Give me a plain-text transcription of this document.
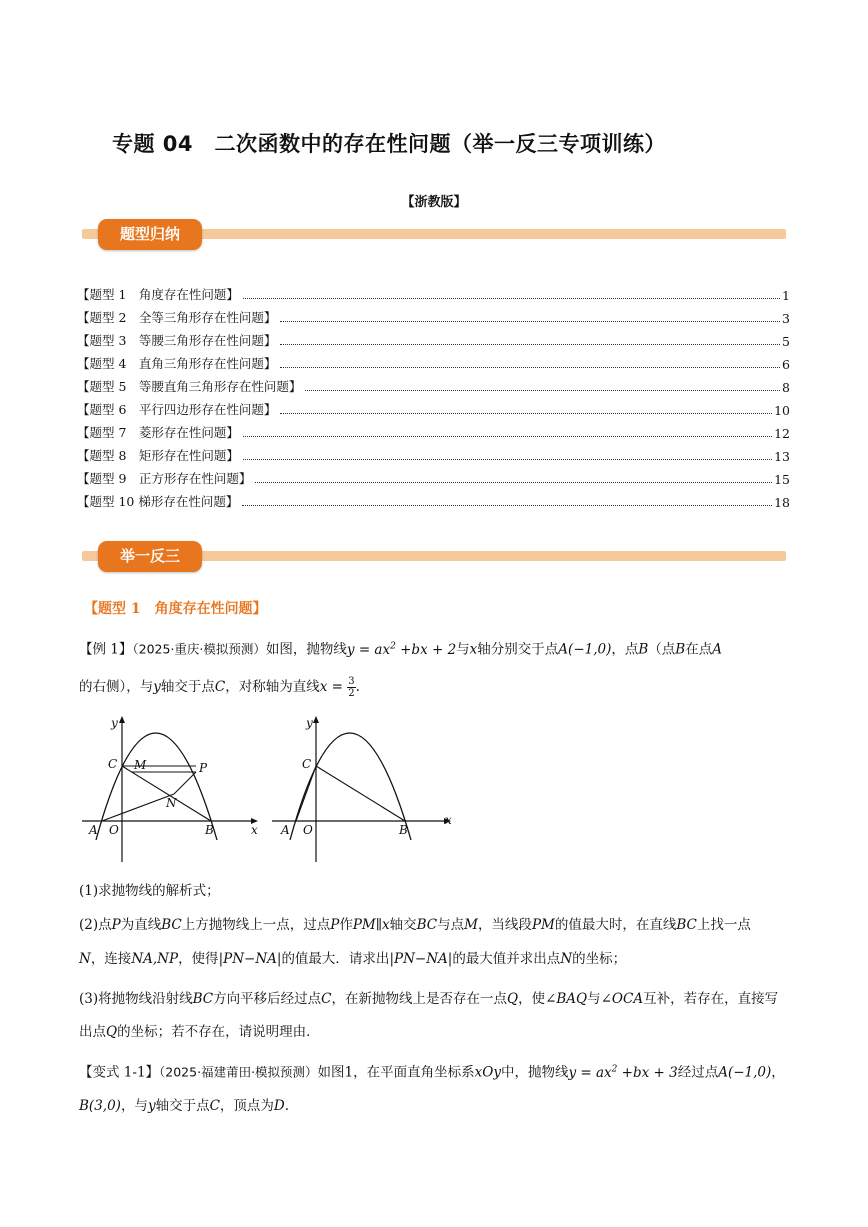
专题 04　二次函数中的存在性问题（举一反三专项训练）
【浙教版】
题型归纳
【题型 1　角度存在性问题】	1
【题型 2　全等三角形存在性问题】	3
【题型 3　等腰三角形存在性问题】	5
【题型 4　直角三角形存在性问题】	6
【题型 5　等腰直角三角形存在性问题】	8
【题型 6　平行四边形存在性问题】	10
【题型 7　菱形存在性问题】	12
【题型 8　矩形存在性问题】	13
【题型 9　正方形存在性问题】	15
【题型 10 梯形存在性问题】	18
举一反三
【题型 1　角度存在性问题】
【例 1】（2025·重庆·模拟预测）如图，抛物线$y = ax^2 +bx + 2$与x轴分别交于点A(−1,0)，点B（点B在点A
的右侧），与y轴交于点C，对称轴为直线$x = \frac{3}{2}$ .
A O	B	x
y
C M	P
N
A O	B
x
y
C
(1)求抛物线的解析式；
(2)点P为直线BC上方抛物线上一点，过点P作PM∥x轴交BC与点M，当线段PM的值最大时，在直线BC上找一点
N，连接NA,NP，使得|PN−NA|的值最大．请求出|PN−NA|的最大值并求出点N的坐标；
(3)将抛物线沿射线BC方向平移后经过点C，在新抛物线上是否存在一点Q，使∠BAQ与∠OCA互补，若存在，直接写出点Q的坐标；若不存在，请说明理由．
【变式 1-1】（2025·福建莆田·模拟预测）如图1，在平面直角坐标系xOy中，抛物线$y = ax^2 +bx + 3$经过点A(−1,0)，B(3,0)，与y轴交于点C，顶点为D.
